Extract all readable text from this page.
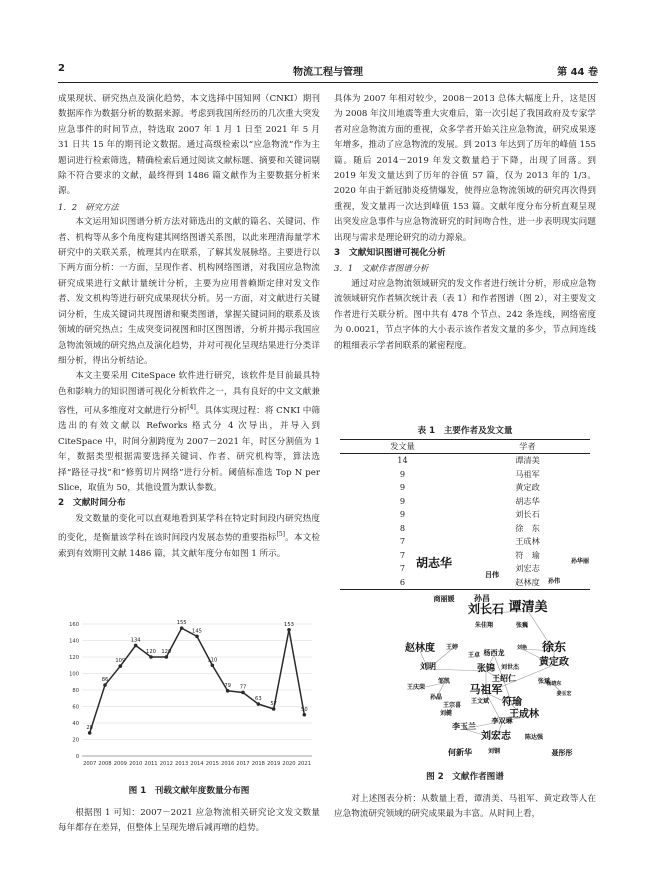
2	物流工程与管理	第 44 卷

成果现状、研究热点及演化趋势，本文选择中国知网（CNKI）期刊数据库作为数据分析的数据来源。考虑到我国所经历的几次重大突发应急事件的时间节点，特选取 2007 年 1 月 1 日至 2021 年 5 月 31 日共 15 年的期刊论文数据。通过高级检索以“应急物流”作为主题词进行检索筛选，精确检索后通过阅读文献标题、摘要和关键词剔除不符合要求的文献，最终得到 1486 篇文献作为主要数据分析来源。

1．2　研究方法

本文运用知识图谱分析方法对筛选出的文献的篇名、关键词、作者、机构等从多个角度构建其网络图谱关系图，以此来理清海量学术研究中的关联关系，梳理其内在联系，了解其发展脉络。主要进行以下两方面分析：一方面，呈现作者、机构网络图谱，对我国应急物流研究成果进行文献计量统计分析，主要为应用普赖斯定律对发文作者、发文机构等进行研究成果现状分析。另一方面，对文献进行关键词分析，生成关键词共现图谱和聚类图谱，掌握关键词间的联系及该领域的研究热点；生成突变词视图和时区图图谱，分析并揭示我国应急物流领域的研究热点及演化趋势，并对可视化呈现结果进行分类详细分析，得出分析结论。

本文主要采用 CiteSpace 软件进行研究，该软件是目前最具特色和影响力的知识图谱可视化分析软件之一，具有良好的中文文献兼容性，可从多维度对文献进行分析[4]。具体实现过程：将 CNKI 中筛选出的有效文献以 Refworks 格式分 4 次导出，并导入到 CiteSpace 中，时间分割跨度为 2007－2021 年，时区分割值为 1 年，数据类型根据需要选择关键词、作者、研究机构等，算法选择“路径寻找”和“修剪切片网络”进行分析。阈值标准选 Top N per Slice，取值为 50，其他设置为默认参数。

2　文献时间分布

发文数量的变化可以直观地看到某学科在特定时间段内研究热度的变化，是衡量该学科在该时间段内发展态势的重要指标[5]。本文检索到有效期刊文献 1486 篇，其文献年度分布如图 1 所示。

0
20
40
60
80
100
120
140
160
2007 2008 2009 2010 2011 2012 2013 2014 2015 2016 2017 2018 2019 2020 2021
28
86
109
134
120 120
155
145
110
79 77
63
57
153
50
图 1　刊载文献年度数量分布图

根据图 1 可知：2007－2021 应急物流相关研究论文发文数量每年都存在差异，但整体上呈现先增后减再增的趋势。

具体为 2007 年相对较少，2008－2013 总体大幅度上升，这是因为 2008 年汶川地震等重大灾难后，第一次引起了我国政府及专家学者对应急物流方面的重视，众多学者开始关注应急物流，研究成果逐年增多，推动了应急物流的发展。到 2013 年达到了历年的峰值 155 篇。随后 2014－2019 年发文数量趋于下降，出现了回落。到 2019 年发文量达到了历年的谷值 57 篇，仅为 2013 年的 1/3。2020 年由于新冠肺炎疫情爆发，使得应急物流领域的研究再次得到重视，发文量再一次达到峰值 153 篇。文献年度分布分析直观呈现出突发应急事件与应急物流研究的时间吻合性，进一步表明现实问题出现与需求是理论研究的动力源泉。

3　文献知识图谱可视化分析
3．1　文献作者图谱分析

通过对应急物流领域研究的发文作者进行统计分析，形成应急物流领域研究作者频次统计表（表 1）和作者图谱（图 2），对主要发文作者进行关联分析。图中共有 478 个节点、242 条连线，网络密度为 0.0021，节点字体的大小表示该作者发文量的多少，节点间连线的粗细表示学者间联系的紧密程度。

表 1　主要作者及发文量
发文量	学者
14	谭清美
9	马祖军
9	黄定政
9	胡志华
9	刘长石
8	徐　东
7	王成林
7	符　瑜
7	刘宏志
6	赵林度
胡志华
吕伟
孙伟
孙华丽
商丽媛 孙昌
刘长石 谭清美
张巍
朱佳翔
赵林度 王婷	徐东
杨西龙
刘明	张锦 刘世杰 黄定政
王绍仁
王庆荣
邹凯
马祖军
孙晶
王文斌 符瑜
王成林
刘健
李双琳
李玉兰
刘宏志 陈达强
刘钢
王宗喜
何新华	聂彤彤
王卓
张斌
杨晓东
姜玉宏
刘艳
图 2　文献作者图谱

对上述图表分析：从数量上看，谭清美、马祖军、黄定政等人在应急物流研究领域的研究成果最为丰富。从时间上看，
